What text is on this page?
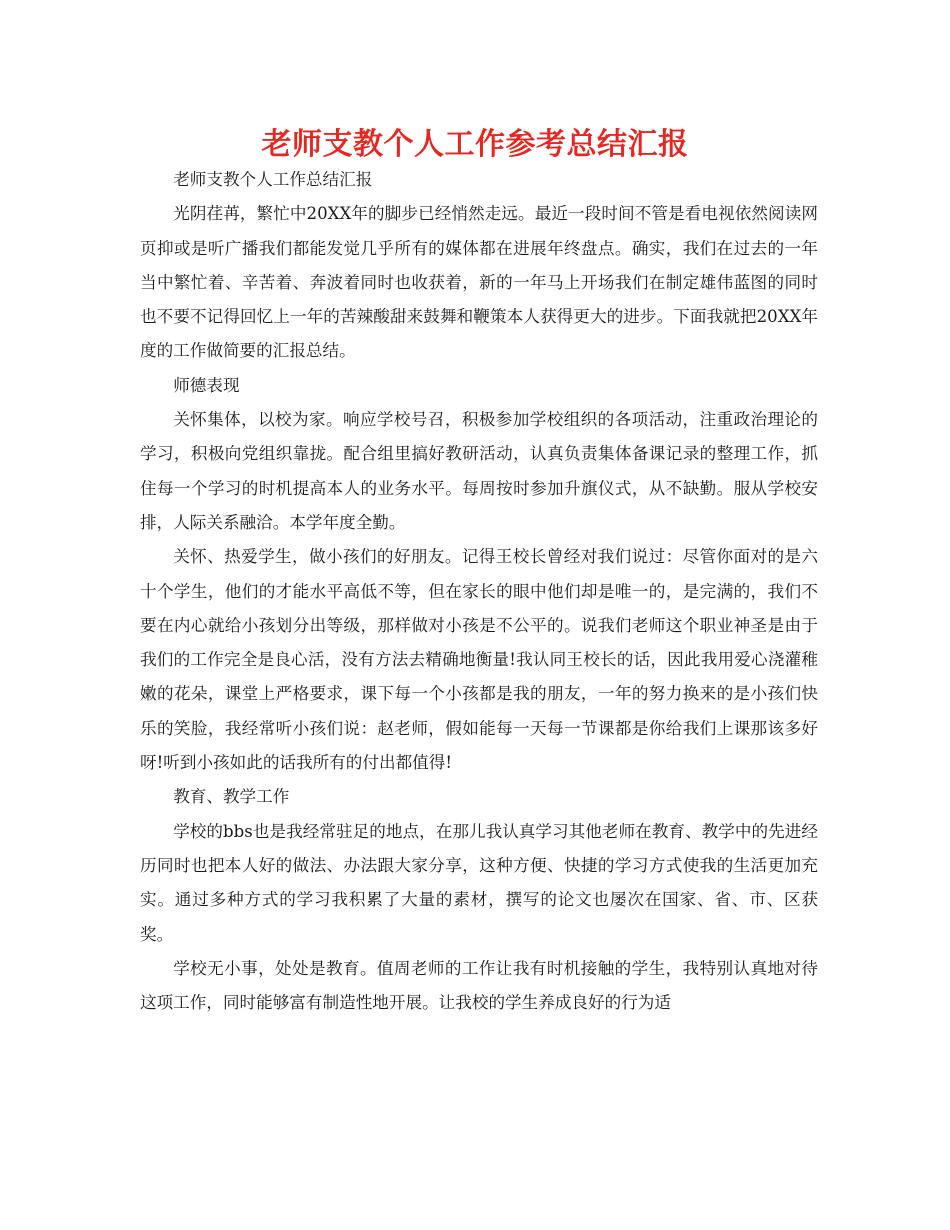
老师支教个人工作参考总结汇报

老师支教个人工作总结汇报

光阴荏苒，繁忙中20XX年的脚步已经悄然走远。最近一段时间不管是看电视依然阅读网页抑或是听广播我们都能发觉几乎所有的媒体都在进展年终盘点。确实，我们在过去的一年当中繁忙着、辛苦着、奔波着同时也收获着，新的一年马上开场我们在制定雄伟蓝图的同时也不要不记得回忆上一年的苦辣酸甜来鼓舞和鞭策本人获得更大的进步。下面我就把20XX年度的工作做简要的汇报总结。

师德表现

关怀集体，以校为家。响应学校号召，积极参加学校组织的各项活动，注重政治理论的学习，积极向党组织靠拢。配合组里搞好教研活动，认真负责集体备课记录的整理工作，抓住每一个学习的时机提高本人的业务水平。每周按时参加升旗仪式，从不缺勤。服从学校安排，人际关系融洽。本学年度全勤。

关怀、热爱学生，做小孩们的好朋友。记得王校长曾经对我们说过：尽管你面对的是六十个学生，他们的才能水平高低不等，但在家长的眼中他们却是唯一的，是完满的，我们不要在内心就给小孩划分出等级，那样做对小孩是不公平的。说我们老师这个职业神圣是由于我们的工作完全是良心活，没有方法去精确地衡量!我认同王校长的话，因此我用爱心浇灌稚嫩的花朵，课堂上严格要求，课下每一个小孩都是我的朋友，一年的努力换来的是小孩们快乐的笑脸，我经常听小孩们说：赵老师，假如能每一天每一节课都是你给我们上课那该多好呀!听到小孩如此的话我所有的付出都值得!

教育、教学工作

学校的bbs也是我经常驻足的地点，在那儿我认真学习其他老师在教育、教学中的先进经历同时也把本人好的做法、办法跟大家分享，这种方便、快捷的学习方式使我的生活更加充实。通过多种方式的学习我积累了大量的素材，撰写的论文也屡次在国家、省、市、区获奖。

学校无小事，处处是教育。值周老师的工作让我有时机接触的学生，我特别认真地对待这项工作，同时能够富有制造性地开展。让我校的学生养成良好的行为适
